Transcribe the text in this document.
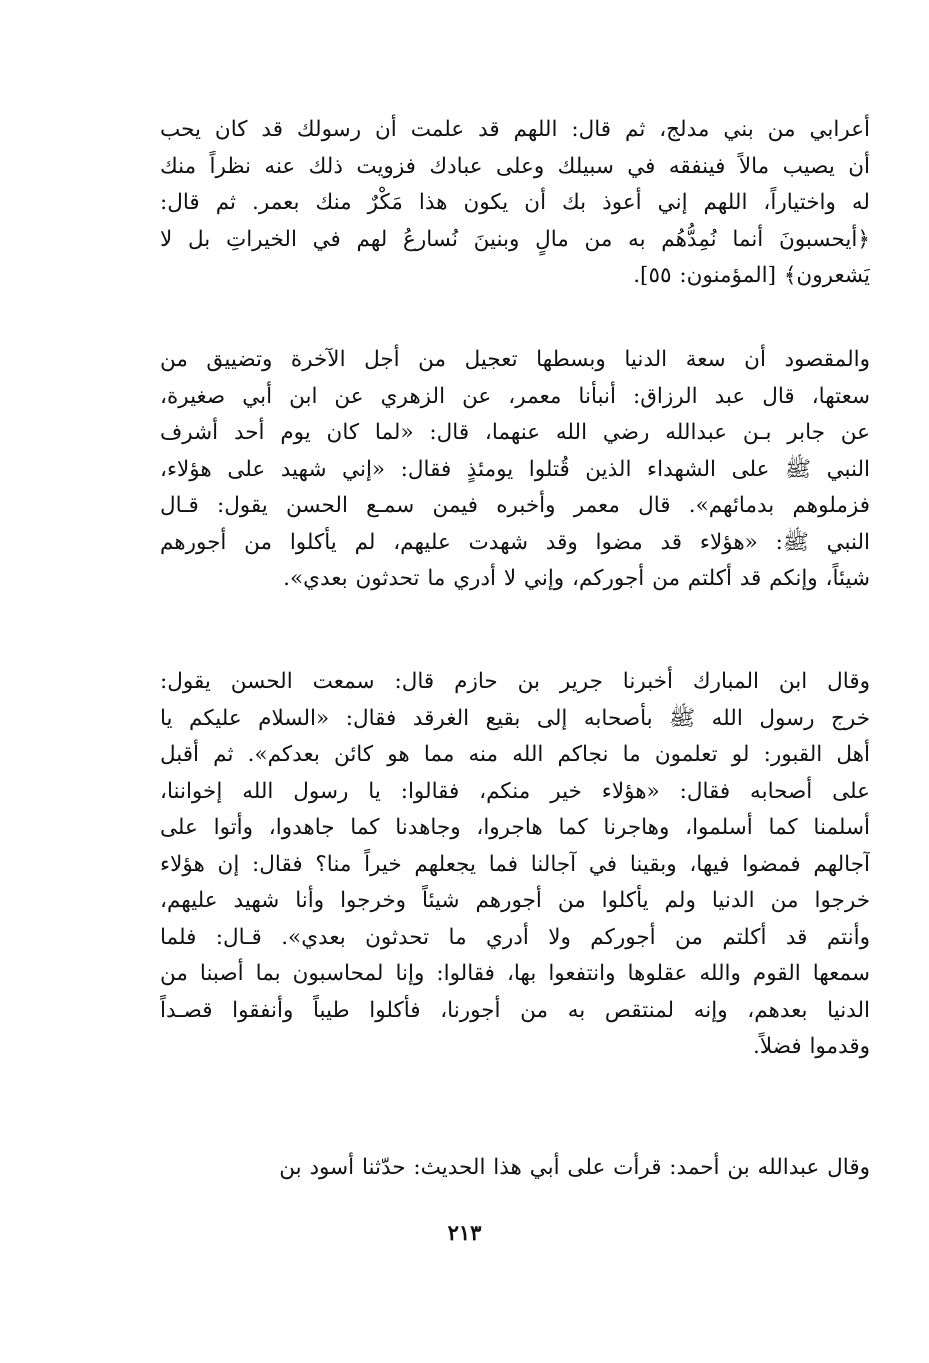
أعرابي من بني مدلج، ثم قال: اللهم قد علمت أن رسولك قد كان يحب
أن يصيب مالاً فينفقه في سبيلك وعلى عبادك فزويت ذلك عنه نظراً منك
له واختياراً، اللهم إني أعوذ بك أن يكون هذا مَكْرٌ منك بعمر. ثم قال:
﴿أيحسبونَ أنما نُمِدُّهُم به من مالٍ وبنينَ نُسارعُ لهم في الخيراتِ بل لا
يَشعرون﴾ [المؤمنون: ٥٥].
والمقصود أن سعة الدنيا وبسطها تعجيل من أجل الآخرة وتضييق من
سعتها، قال عبد الرزاق: أنبأنا معمر، عن الزهري عن ابن أبي صغيرة،
عن جابر بـن عبدالله رضي الله عنهما، قال: «لما كان يوم أحد أشرف
النبي ﷺ على الشهداء الذين قُتلوا يومئذٍ فقال: «إني شهيد على هؤلاء،
فزملوهم بدمائهم». قال معمر وأخبره فيمن سمـع الحسن يقول: قـال
النبي ﷺ: «هؤلاء قد مضوا وقد شهدت عليهم، لم يأكلوا من أجورهم
شيئاً، وإنكم قد أكلتم من أجوركم، وإني لا أدري ما تحدثون بعدي».
وقال ابن المبارك أخبرنا جرير بن حازم قال: سمعت الحسن يقول:
خرج رسول الله ﷺ بأصحابه إلى بقيع الغرقد فقال: «السلام عليكم يا
أهل القبور: لو تعلمون ما نجاكم الله منه مما هو كائن بعدكم». ثم أقبل
على أصحابه فقال: «هؤلاء خير منكم، فقالوا: يا رسول الله إخواننا،
أسلمنا كما أسلموا، وهاجرنا كما هاجروا، وجاهدنا كما جاهدوا، وأتوا على
آجالهم فمضوا فيها، وبقينا في آجالنا فما يجعلهم خيراً منا؟ فقال: إن هؤلاء
خرجوا من الدنيا ولم يأكلوا من أجورهم شيئاً وخرجوا وأنا شهيد عليهم،
وأنتم قد أكلتم من أجوركم ولا أدري ما تحدثون بعدي». قـال: فلما
سمعها القوم والله عقلوها وانتفعوا بها، فقالوا: وإنا لمحاسبون بما أصبنا من
الدنيا بعدهم، وإنه لمنتقص به من أجورنا، فأكلوا طيباً وأنفقوا قصـداً
وقدموا فضلاً.
وقال عبدالله بن أحمد: قرأت على أبي هذا الحديث: حدّثنا أسود بن
٢١٣
